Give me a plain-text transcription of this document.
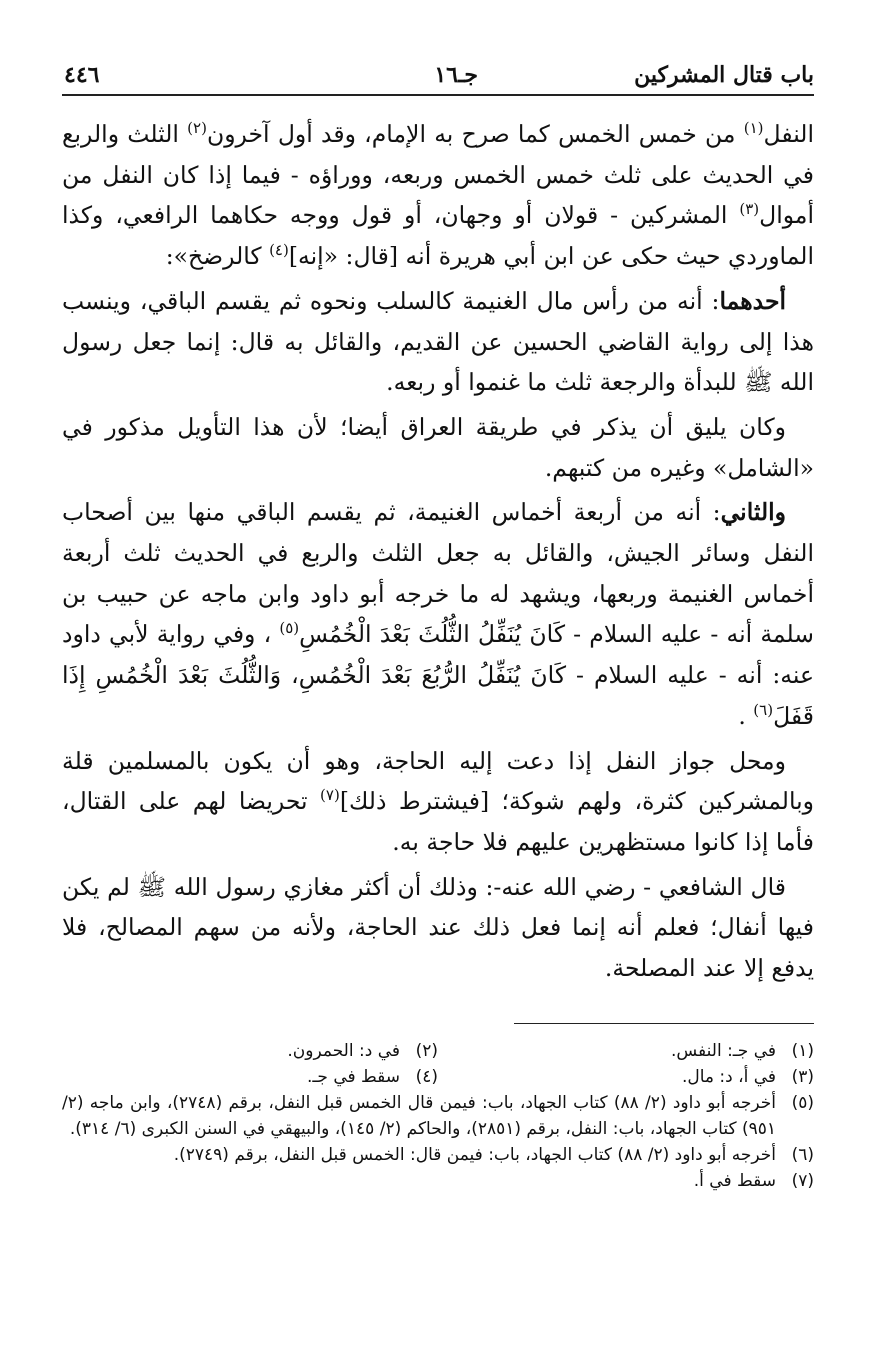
باب قتال المشركين
جـ١٦
٤٤٦

النفل$^{(١)}$ من خمس الخمس كما صرح به الإمام، وقد أول آخرون$^{(٢)}$ الثلث والربع في الحديث على ثلث خمس الخمس وربعه، ووراؤه - فيما إذا كان النفل من أموال$^{(٣)}$ المشركين - قولان أو وجهان، أو قول ووجه حكاهما الرافعي، وكذا الماوردي حيث حكى عن ابن أبي هريرة أنه [قال: «إنه]$^{(٤)}$ كالرضخ»:

أحدهما: أنه من رأس مال الغنيمة كالسلب ونحوه ثم يقسم الباقي، وينسب هذا إلى رواية القاضي الحسين عن القديم، والقائل به قال: إنما جعل رسول الله ﷺ للبدأة والرجعة ثلث ما غنموا أو ربعه.

وكان يليق أن يذكر في طريقة العراق أيضا؛ لأن هذا التأويل مذكور في «الشامل» وغيره من كتبهم.

والثاني: أنه من أربعة أخماس الغنيمة، ثم يقسم الباقي منها بين أصحاب النفل وسائر الجيش، والقائل به جعل الثلث والربع في الحديث ثلث أربعة أخماس الغنيمة وربعها، ويشهد له ما خرجه أبو داود وابن ماجه عن حبيب بن سلمة أنه - عليه السلام - كَانَ يُنَفِّلُ الثُّلُثَ بَعْدَ الْخُمُسِ$^{(٥)}$ ، وفي رواية لأبي داود عنه: أنه - عليه السلام - كَانَ يُنَفِّلُ الرُّبُعَ بَعْدَ الْخُمُسِ، وَالثُّلُثَ بَعْدَ الْخُمُسِ إِذَا قَفَلَ$^{(٦)}$ .

ومحل جواز النفل إذا دعت إليه الحاجة، وهو أن يكون بالمسلمين قلة وبالمشركين كثرة، ولهم شوكة؛ [فيشترط ذلك]$^{(٧)}$ تحريضا لهم على القتال، فأما إذا كانوا مستظهرين عليهم فلا حاجة به.

قال الشافعي - رضي الله عنه-: وذلك أن أكثر مغازي رسول الله ﷺ لم يكن فيها أنفال؛ فعلم أنه إنما فعل ذلك عند الحاجة، ولأنه من سهم المصالح، فلا يدفع إلا عند المصلحة.

(١)
في جـ: النفس.
(٢)
في د: الحمرون.
(٣)
في أ، د: مال.
(٤)
سقط في جـ.
(٥)
أخرجه أبو داود (٢/ ٨٨) كتاب الجهاد، باب: فيمن قال الخمس قبل النفل، برقم (٢٧٤٨)، وابن ماجه (٢/ ٩٥١) كتاب الجهاد، باب: النفل، برقم (٢٨٥١)، والحاكم (٢/ ١٤٥)، والبيهقي في السنن الكبرى (٦/ ٣١٤).
(٦)
أخرجه أبو داود (٢/ ٨٨) كتاب الجهاد، باب: فيمن قال: الخمس قبل النفل، برقم (٢٧٤٩).
(٧)
سقط في أ.
